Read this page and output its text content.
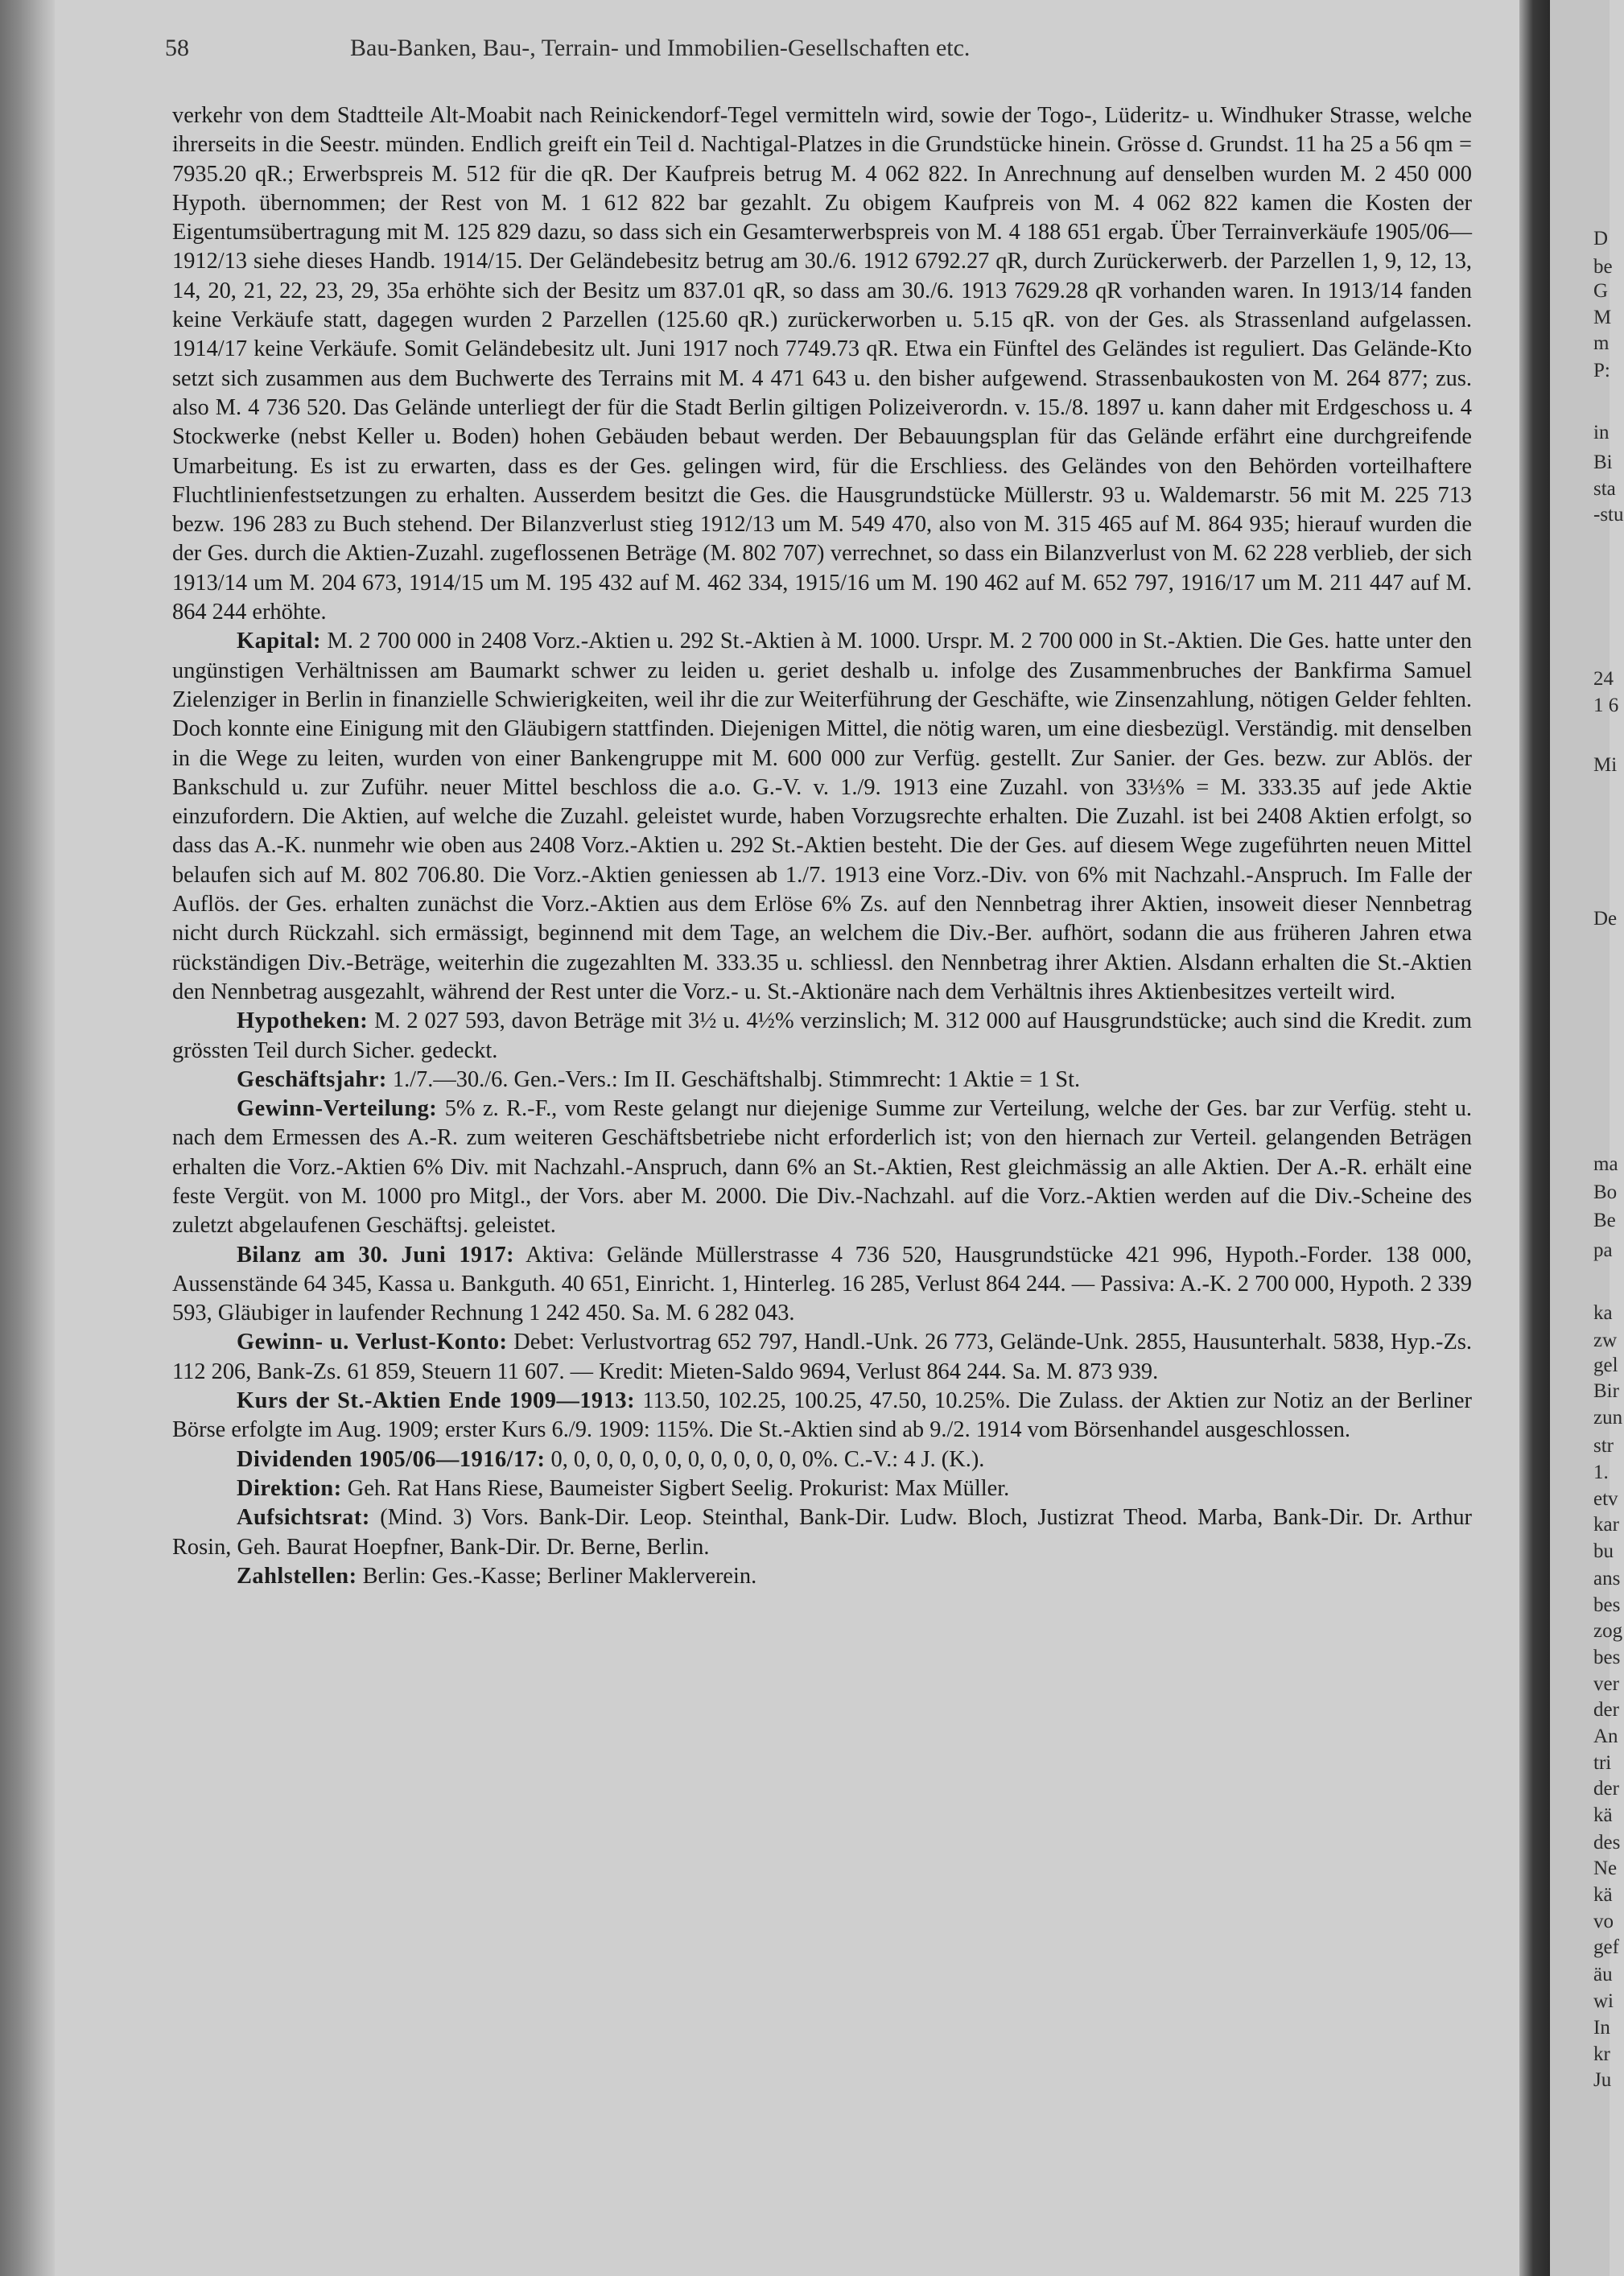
58	Bau-Banken, Bau-, Terrain- und Immobilien-Gesellschaften etc.

verkehr von dem Stadtteile Alt-Moabit nach Reinickendorf-Tegel vermitteln wird, sowie der Togo-, Lüderitz- u. Windhuker Strasse, welche ihrerseits in die Seestr. münden. Endlich greift ein Teil d. Nachtigal-Platzes in die Grundstücke hinein. Grösse d. Grundst. 11 ha 25 a 56 qm = 7935.20 qR.; Erwerbspreis M. 512 für die qR. Der Kaufpreis betrug M. 4 062 822. In Anrechnung auf denselben wurden M. 2 450 000 Hypoth. übernommen; der Rest von M. 1 612 822 bar gezahlt. Zu obigem Kaufpreis von M. 4 062 822 kamen die Kosten der Eigentumsübertragung mit M. 125 829 dazu, so dass sich ein Gesamterwerbspreis von M. 4 188 651 ergab. Über Terrainverkäufe 1905/06—1912/13 siehe dieses Handb. 1914/15. Der Geländebesitz betrug am 30./6. 1912 6792.27 qR, durch Zurückerwerb. der Parzellen 1, 9, 12, 13, 14, 20, 21, 22, 23, 29, 35a erhöhte sich der Besitz um 837.01 qR, so dass am 30./6. 1913 7629.28 qR vorhanden waren. In 1913/14 fanden keine Verkäufe statt, dagegen wurden 2 Parzellen (125.60 qR.) zurückerworben u. 5.15 qR. von der Ges. als Strassenland aufgelassen. 1914/17 keine Verkäufe. Somit Geländebesitz ult. Juni 1917 noch 7749.73 qR. Etwa ein Fünftel des Geländes ist reguliert. Das Gelände-Kto setzt sich zusammen aus dem Buchwerte des Terrains mit M. 4 471 643 u. den bisher aufgewend. Strassenbaukosten von M. 264 877; zus. also M. 4 736 520. Das Gelände unterliegt der für die Stadt Berlin giltigen Polizeiverordn. v. 15./8. 1897 u. kann daher mit Erdgeschoss u. 4 Stockwerke (nebst Keller u. Boden) hohen Gebäuden bebaut werden. Der Bebauungsplan für das Gelände erfährt eine durchgreifende Umarbeitung. Es ist zu erwarten, dass es der Ges. gelingen wird, für die Erschliess. des Geländes von den Behörden vorteilhaftere Fluchtlinienfestsetzungen zu erhalten. Ausserdem besitzt die Ges. die Hausgrundstücke Müllerstr. 93 u. Waldemarstr. 56 mit M. 225 713 bezw. 196 283 zu Buch stehend. Der Bilanzverlust stieg 1912/13 um M. 549 470, also von M. 315 465 auf M. 864 935; hierauf wurden die der Ges. durch die Aktien-Zuzahl. zugeflossenen Beträge (M. 802 707) verrechnet, so dass ein Bilanzverlust von M. 62 228 verblieb, der sich 1913/14 um M. 204 673, 1914/15 um M. 195 432 auf M. 462 334, 1915/16 um M. 190 462 auf M. 652 797, 1916/17 um M. 211 447 auf M. 864 244 erhöhte.

Kapital: M. 2 700 000 in 2408 Vorz.-Aktien u. 292 St.-Aktien à M. 1000. Urspr. M. 2 700 000 in St.-Aktien. Die Ges. hatte unter den ungünstigen Verhältnissen am Baumarkt schwer zu leiden u. geriet deshalb u. infolge des Zusammenbruches der Bankfirma Samuel Zielenziger in Berlin in finanzielle Schwierigkeiten, weil ihr die zur Weiterführung der Geschäfte, wie Zinsenzahlung, nötigen Gelder fehlten. Doch konnte eine Einigung mit den Gläubigern stattfinden. Diejenigen Mittel, die nötig waren, um eine diesbezügl. Verständig. mit denselben in die Wege zu leiten, wurden von einer Bankengruppe mit M. 600 000 zur Verfüg. gestellt. Zur Sanier. der Ges. bezw. zur Ablös. der Bankschuld u. zur Zuführ. neuer Mittel beschloss die a.o. G.-V. v. 1./9. 1913 eine Zuzahl. von 33⅓% = M. 333.35 auf jede Aktie einzufordern. Die Aktien, auf welche die Zuzahl. geleistet wurde, haben Vorzugsrechte erhalten. Die Zuzahl. ist bei 2408 Aktien erfolgt, so dass das A.-K. nunmehr wie oben aus 2408 Vorz.-Aktien u. 292 St.-Aktien besteht. Die der Ges. auf diesem Wege zugeführten neuen Mittel belaufen sich auf M. 802 706.80. Die Vorz.-Aktien geniessen ab 1./7. 1913 eine Vorz.-Div. von 6% mit Nachzahl.-Anspruch. Im Falle der Auflös. der Ges. erhalten zunächst die Vorz.-Aktien aus dem Erlöse 6% Zs. auf den Nennbetrag ihrer Aktien, insoweit dieser Nennbetrag nicht durch Rückzahl. sich ermässigt, beginnend mit dem Tage, an welchem die Div.-Ber. aufhört, sodann die aus früheren Jahren etwa rückständigen Div.-Beträge, weiterhin die zugezahlten M. 333.35 u. schliessl. den Nennbetrag ihrer Aktien. Alsdann erhalten die St.-Aktien den Nennbetrag ausgezahlt, während der Rest unter die Vorz.- u. St.-Aktionäre nach dem Verhältnis ihres Aktienbesitzes verteilt wird.

Hypotheken: M. 2 027 593, davon Beträge mit 3½ u. 4½% verzinslich; M. 312 000 auf Hausgrundstücke; auch sind die Kredit. zum grössten Teil durch Sicher. gedeckt.

Geschäftsjahr: 1./7.—30./6. Gen.-Vers.: Im II. Geschäftshalbj. Stimmrecht: 1 Aktie = 1 St.

Gewinn-Verteilung: 5% z. R.-F., vom Reste gelangt nur diejenige Summe zur Verteilung, welche der Ges. bar zur Verfüg. steht u. nach dem Ermessen des A.-R. zum weiteren Geschäftsbetriebe nicht erforderlich ist; von den hiernach zur Verteil. gelangenden Beträgen erhalten die Vorz.-Aktien 6% Div. mit Nachzahl.-Anspruch, dann 6% an St.-Aktien, Rest gleichmässig an alle Aktien. Der A.-R. erhält eine feste Vergüt. von M. 1000 pro Mitgl., der Vors. aber M. 2000. Die Div.-Nachzahl. auf die Vorz.-Aktien werden auf die Div.-Scheine des zuletzt abgelaufenen Geschäftsj. geleistet.

Bilanz am 30. Juni 1917: Aktiva: Gelände Müllerstrasse 4 736 520, Hausgrundstücke 421 996, Hypoth.-Forder. 138 000, Aussenstände 64 345, Kassa u. Bankguth. 40 651, Einricht. 1, Hinterleg. 16 285, Verlust 864 244. — Passiva: A.-K. 2 700 000, Hypoth. 2 339 593, Gläubiger in laufender Rechnung 1 242 450. Sa. M. 6 282 043.

Gewinn- u. Verlust-Konto: Debet: Verlustvortrag 652 797, Handl.-Unk. 26 773, Gelände-Unk. 2855, Hausunterhalt. 5838, Hyp.-Zs. 112 206, Bank-Zs. 61 859, Steuern 11 607. — Kredit: Mieten-Saldo 9694, Verlust 864 244. Sa. M. 873 939.

Kurs der St.-Aktien Ende 1909—1913: 113.50, 102.25, 100.25, 47.50, 10.25%. Die Zulass. der Aktien zur Notiz an der Berliner Börse erfolgte im Aug. 1909; erster Kurs 6./9. 1909: 115%. Die St.-Aktien sind ab 9./2. 1914 vom Börsenhandel ausgeschlossen.

Dividenden 1905/06—1916/17: 0, 0, 0, 0, 0, 0, 0, 0, 0, 0, 0, 0%. C.-V.: 4 J. (K.).

Direktion: Geh. Rat Hans Riese, Baumeister Sigbert Seelig. Prokurist: Max Müller.

Aufsichtsrat: (Mind. 3) Vors. Bank-Dir. Leop. Steinthal, Bank-Dir. Ludw. Bloch, Justizrat Theod. Marba, Bank-Dir. Dr. Arthur Rosin, Geh. Baurat Hoepfner, Bank-Dir. Dr. Berne, Berlin.

Zahlstellen: Berlin: Ges.-Kasse; Berliner Maklerverein.

D
be
G
M
m
P:
in
Bi
sta
-stu
24
1 6
Mi
De
ma
Bo
Be
pa
ka
zw
gel
Bir
zun
str
1.
etv
kar
bu
ans
bes
zog
bes
ver
der
An
tri
der
kä
des
Ne
kä
vo
gef
äu
wi
In
kr
Ju
